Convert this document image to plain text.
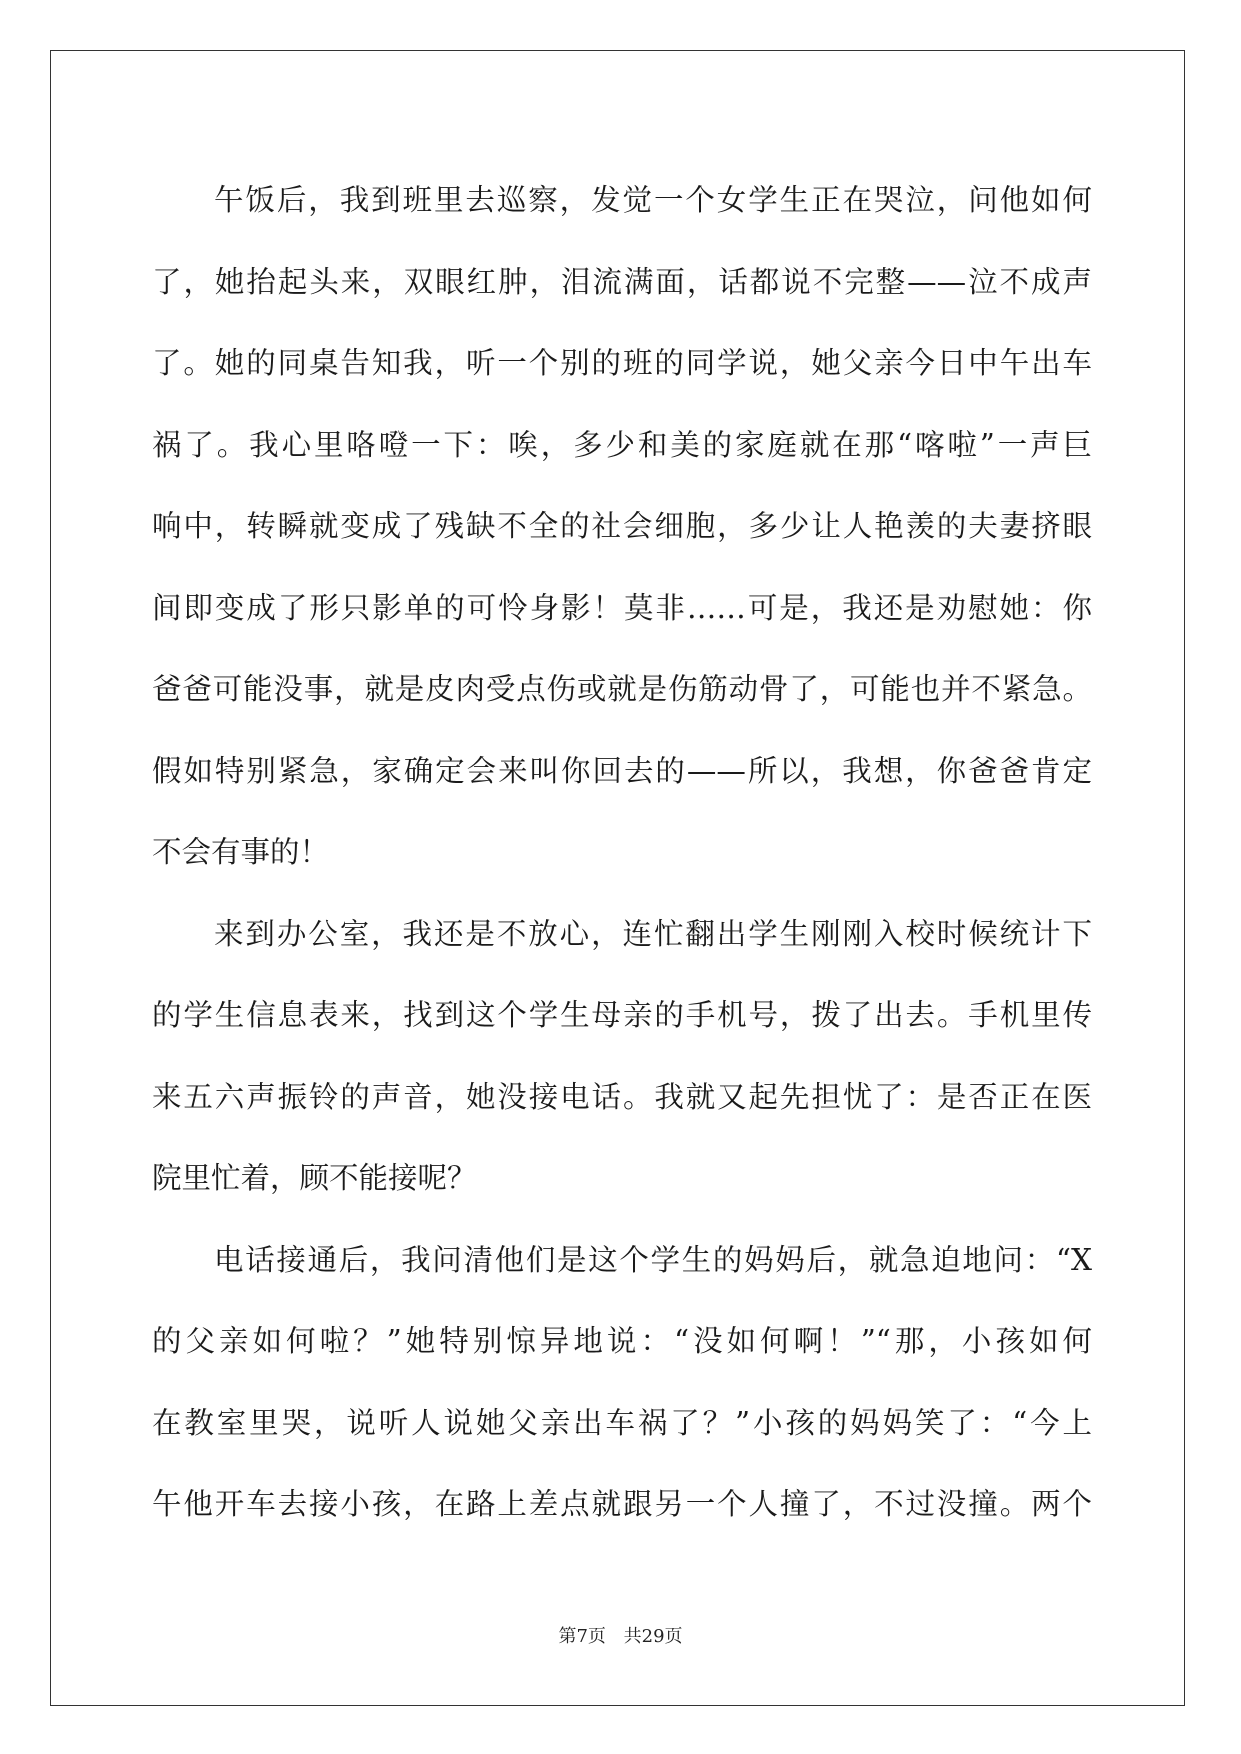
午饭后，我到班里去巡察，发觉一个女学生正在哭泣，问他如何
了，她抬起头来，双眼红肿，泪流满面，话都说不完整——泣不成声
了。她的同桌告知我，听一个别的班的同学说，她父亲今日中午出车
祸了。我心里咯噔一下：唉，多少和美的家庭就在那“喀啦”一声巨
响中，转瞬就变成了残缺不全的社会细胞，多少让人艳羡的夫妻挤眼
间即变成了形只影单的可怜身影！莫非……可是，我还是劝慰她：你
爸爸可能没事，就是皮肉受点伤或就是伤筋动骨了，可能也并不紧急。
假如特别紧急，家确定会来叫你回去的——所以，我想，你爸爸肯定
不会有事的！
来到办公室，我还是不放心，连忙翻出学生刚刚入校时候统计下
的学生信息表来，找到这个学生母亲的手机号，拨了出去。手机里传
来五六声振铃的声音，她没接电话。我就又起先担忧了：是否正在医
院里忙着，顾不能接呢？
电话接通后，我问清他们是这个学生的妈妈后，就急迫地问：“X
的父亲如何啦？”她特别惊异地说：“没如何啊！”“那，小孩如何
在教室里哭，说听人说她父亲出车祸了？”小孩的妈妈笑了：“今上
午他开车去接小孩，在路上差点就跟另一个人撞了，不过没撞。两个
第7页 共29页
